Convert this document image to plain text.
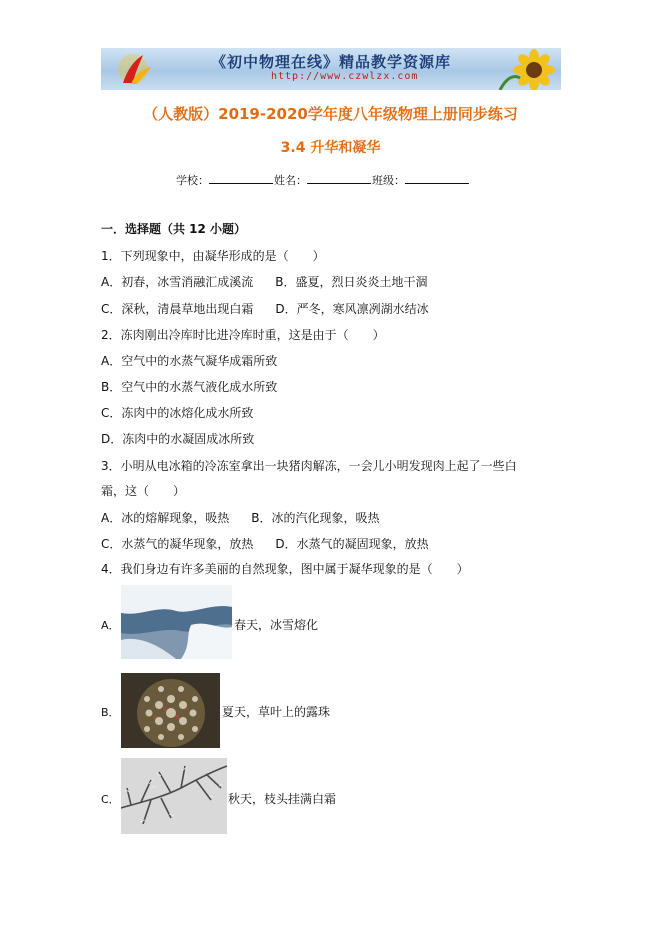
《初中物理在线》精品教学资源库
http://www.czwlzx.com
（人教版）2019-2020学年度八年级物理上册同步练习
3.4 升华和凝华
学校：	姓名：	班级：
一．选择题（共 12 小题）
1．下列现象中，由凝华形成的是（　　）
A．初春，冰雪消融汇成溪流 B．盛夏，烈日炎炎土地干涸
C．深秋，清晨草地出现白霜 D．严冬，寒风凛冽湖水结冰
2．冻肉刚出冷库时比进冷库时重，这是由于（　　）
A．空气中的水蒸气凝华成霜所致
B．空气中的水蒸气液化成水所致
C．冻肉中的冰熔化成水所致
D．冻肉中的水凝固成冰所致
3．小明从电冰箱的冷冻室拿出一块猪肉解冻，一会儿小明发现肉上起了一些白
霜，这（　　）
A．冰的熔解现象，吸热 B．冰的汽化现象，吸热
C．水蒸气的凝华现象，放热 D．水蒸气的凝固现象，放热
4．我们身边有许多美丽的自然现象，图中属于凝华现象的是（　　）
A．	春天，冰雪熔化
B．	夏天，草叶上的露珠
C．	秋天，枝头挂满白霜
